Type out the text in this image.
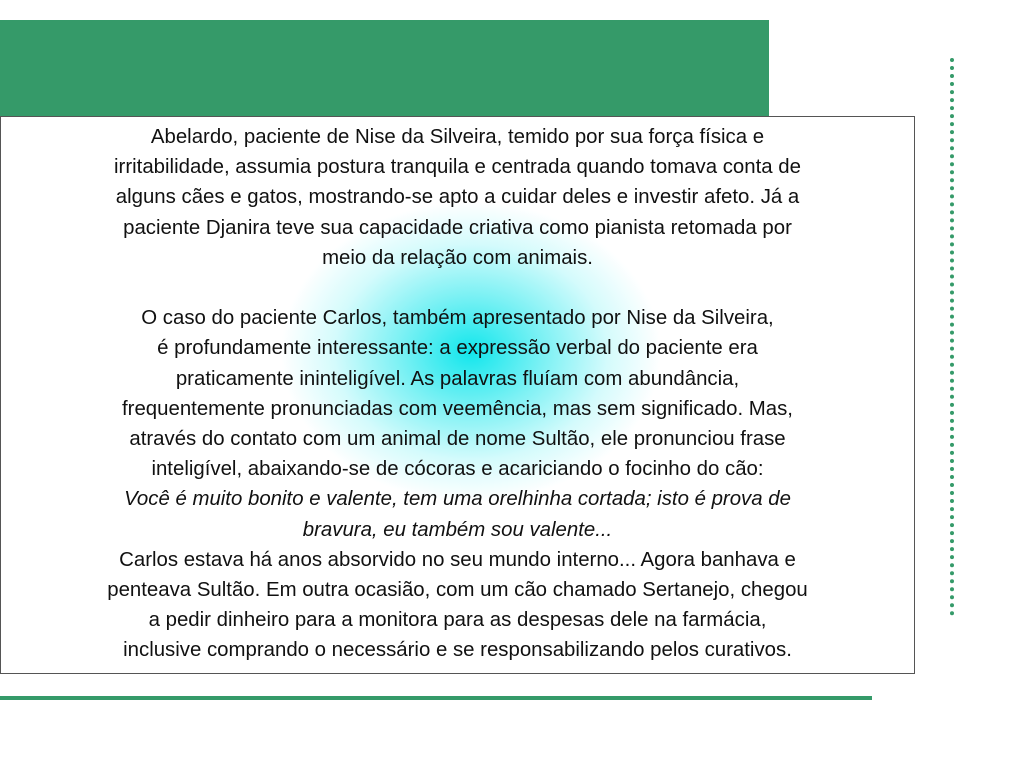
Abelardo, paciente de Nise da Silveira, temido por sua força física e
irritabilidade, assumia postura tranquila e centrada quando tomava conta de
alguns cães e gatos, mostrando-se apto a cuidar deles e investir afeto. Já a
paciente Djanira teve sua capacidade criativa como pianista retomada por
meio da relação com animais.

O caso do paciente Carlos, também apresentado por Nise da Silveira,
é profundamente interessante: a expressão verbal do paciente era
praticamente ininteligível. As palavras fluíam com abundância,
frequentemente pronunciadas com veemência, mas sem significado. Mas,
através do contato com um animal de nome Sultão, ele pronunciou frase
inteligível, abaixando-se de cócoras e acariciando o focinho do cão:

Você é muito bonito e valente, tem uma orelhinha cortada; isto é prova de
bravura, eu também sou valente...

Carlos estava há anos absorvido no seu mundo interno... Agora banhava e
penteava Sultão. Em outra ocasião, com um cão chamado Sertanejo, chegou
a pedir dinheiro para a monitora para as despesas dele na farmácia,
inclusive comprando o necessário e se responsabilizando pelos curativos.
